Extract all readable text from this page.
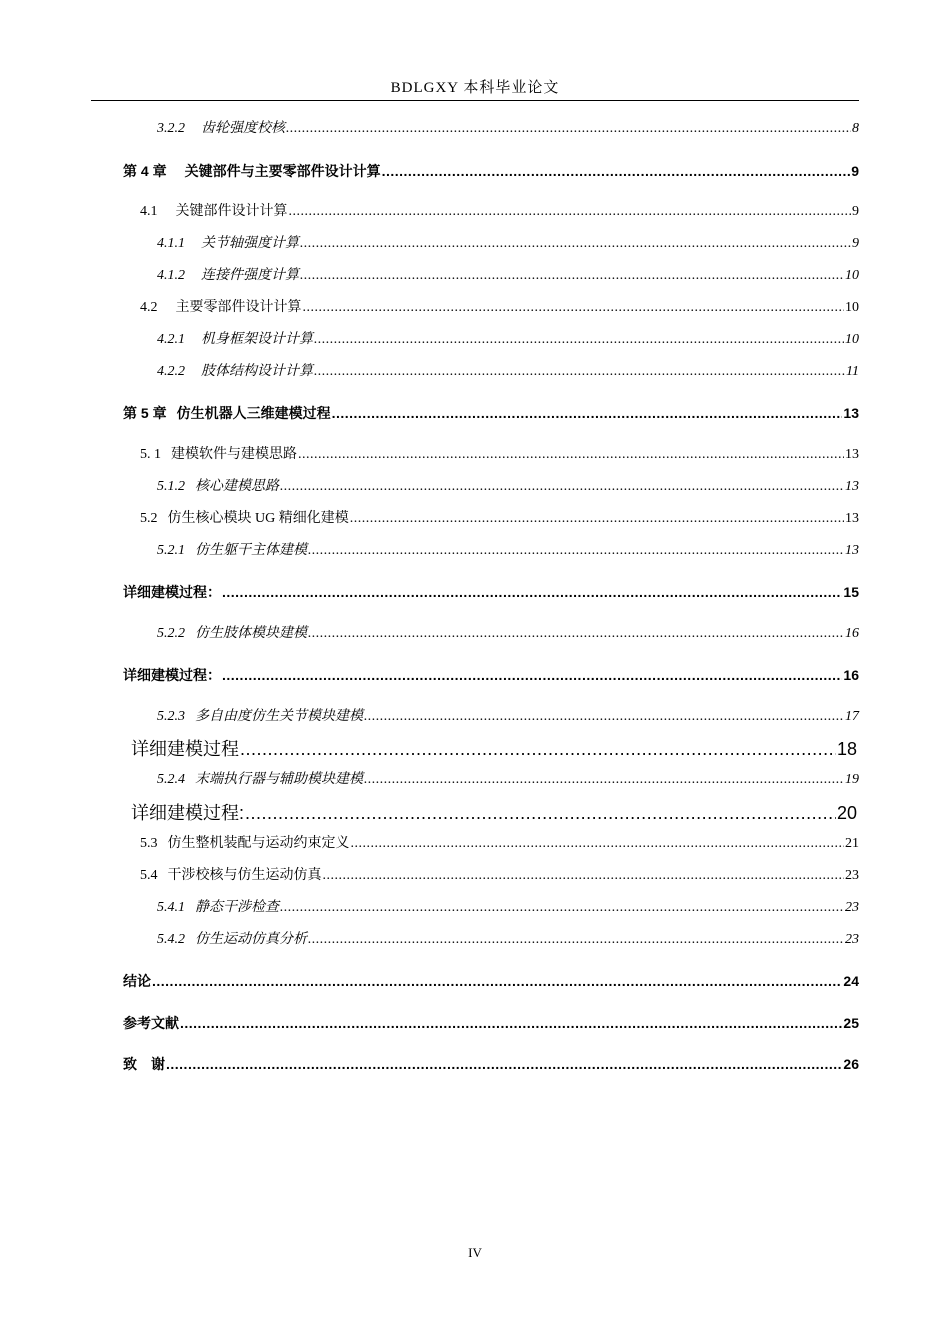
BDLGXY 本科毕业论文
3.2.2 齿轮强度校核 .....	8
第 4 章 关键部件与主要零部件设计计算 .....	9
4.1 关键部件设计计算 .....	9
4.1.1 关节轴强度计算 .....	9
4.1.2 连接件强度计算 .....	10
4.2 主要零部件设计计算 .....	10
4.2.1 机身框架设计计算 .....	10
4.2.2 肢体结构设计计算 .....	11
第 5 章 仿生机器人三维建模过程 .....	13
5. 1 建模软件与建模思路 .....	13
5.1.2 核心建模思路 .....	13
5.2 仿生核心模块 UG 精细化建模 .....	13
5.2.1 仿生躯干主体建模 .....	13
详细建模过程： .....	15
5.2.2 仿生肢体模块建模 .....	16
详细建模过程： .....	16
5.2.3 多自由度仿生关节模块建模 .....	17
详细建模过程 .....	18
5.2.4 末端执行器与辅助模块建模 .....	19
详细建模过程: .....	20
5.3 仿生整机装配与运动约束定义 .....	21
5.4 干涉校核与仿生运动仿真 .....	23
5.4.1 静态干涉检查 .....	23
5.4.2 仿生运动仿真分析 .....	23
结论 .....	24
参考文献 .....	25
致　谢 .....	26
IV
